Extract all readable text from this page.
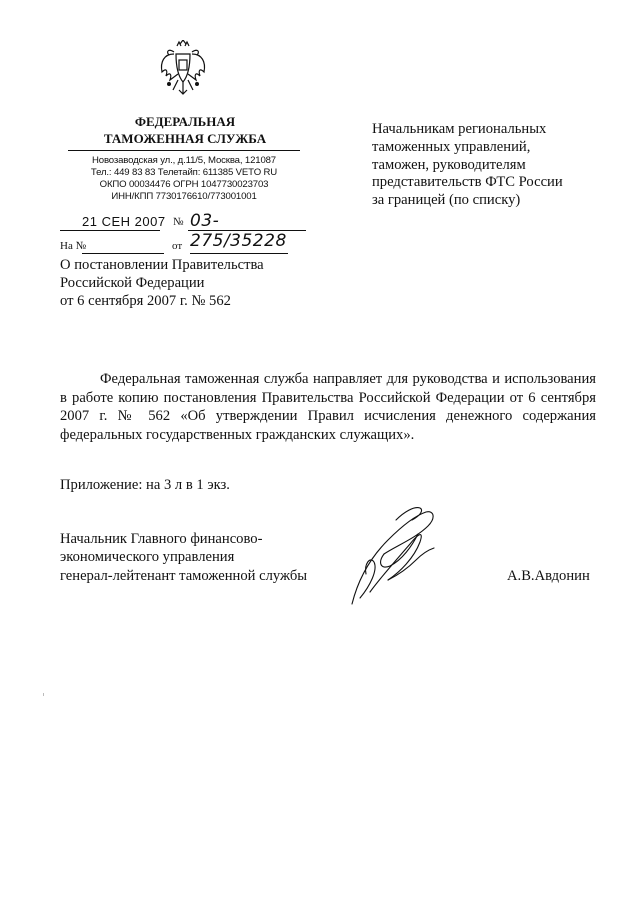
ФЕДЕРАЛЬНАЯ
ТАМОЖЕННАЯ СЛУЖБА
Новозаводская ул., д.11/5, Москва, 121087
Тел.: 449 83 83 Телетайп: 611385 VETO RU
ОКПО 00034476 ОГРН 1047730023703
ИНН/КПП 7730176610/773001001
21 СЕН 2007 № 03-275/35228
На №	от
Начальникам региональных
таможенных управлений,
таможен, руководителям
представительств ФТС России
за границей (по списку)
О постановлении Правительства
Российской Федерации
от 6 сентября 2007 г. № 562
Федеральная таможенная служба направляет для руководства и использования в работе копию постановления Правительства Российской Федерации от 6 сентября 2007 г. № 562 «Об утверждении Правил исчисления денежного содержания федеральных государственных гражданских служащих».
Приложение: на 3 л в 1 экз.
Начальник Главного финансово-
экономического управления
генерал-лейтенант таможенной службы	А.В.Авдонин
